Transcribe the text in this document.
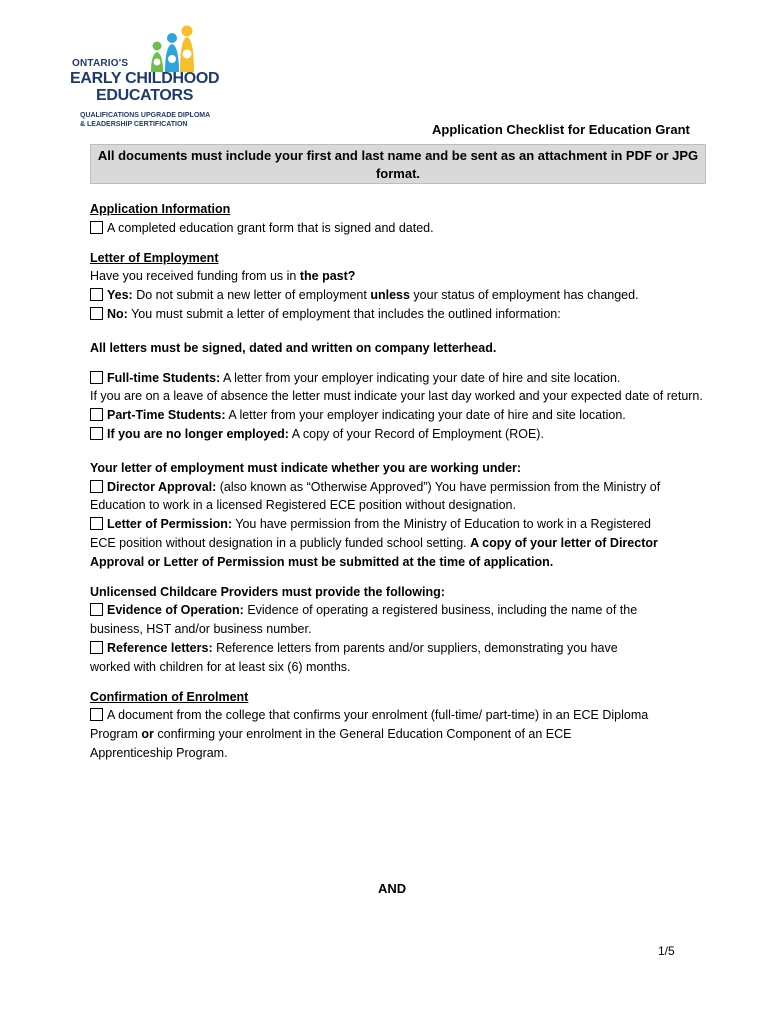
ONTARIO'S
EARLY CHILDHOOD
EDUCATORS
QUALIFICATIONS UPGRADE DIPLOMA
& LEADERSHIP CERTIFICATION	Application Checklist for Education Grant
All documents must include your first and last name and be sent as an attachment in PDF or JPG format.

Application Information

A completed education grant form that is signed and dated.

Letter of Employment

Have you received funding from us in the past?

Yes: Do not submit a new letter of employment unless your status of employment has changed.

No: You must submit a letter of employment that includes the outlined information:

All letters must be signed, dated and written on company letterhead.

Full-time Students: A letter from your employer indicating your date of hire and site location.

If you are on a leave of absence the letter must indicate your last day worked and your expected date of return.

Part-Time Students: A letter from your employer indicating your date of hire and site location.

If you are no longer employed: A copy of your Record of Employment (ROE).

Your letter of employment must indicate whether you are working under:

Director Approval: (also known as “Otherwise Approved”) You have permission from the Ministry of Education to work in a licensed Registered ECE position without designation.

Letter of Permission: You have permission from the Ministry of Education to work in a Registered ECE position without designation in a publicly funded school setting. A copy of your letter of Director Approval or Letter of Permission must be submitted at the time of application.

Unlicensed Childcare Providers must provide the following:

Evidence of Operation: Evidence of operating a registered business, including the name of the business, HST and/or business number.

Reference letters: Reference letters from parents and/or suppliers, demonstrating you have worked with children for at least six (6) months.

Confirmation of Enrolment

A document from the college that confirms your enrolment (full-time/ part-time) in an ECE Diploma Program or confirming your enrolment in the General Education Component of an ECE Apprenticeship Program.

AND
1/5
